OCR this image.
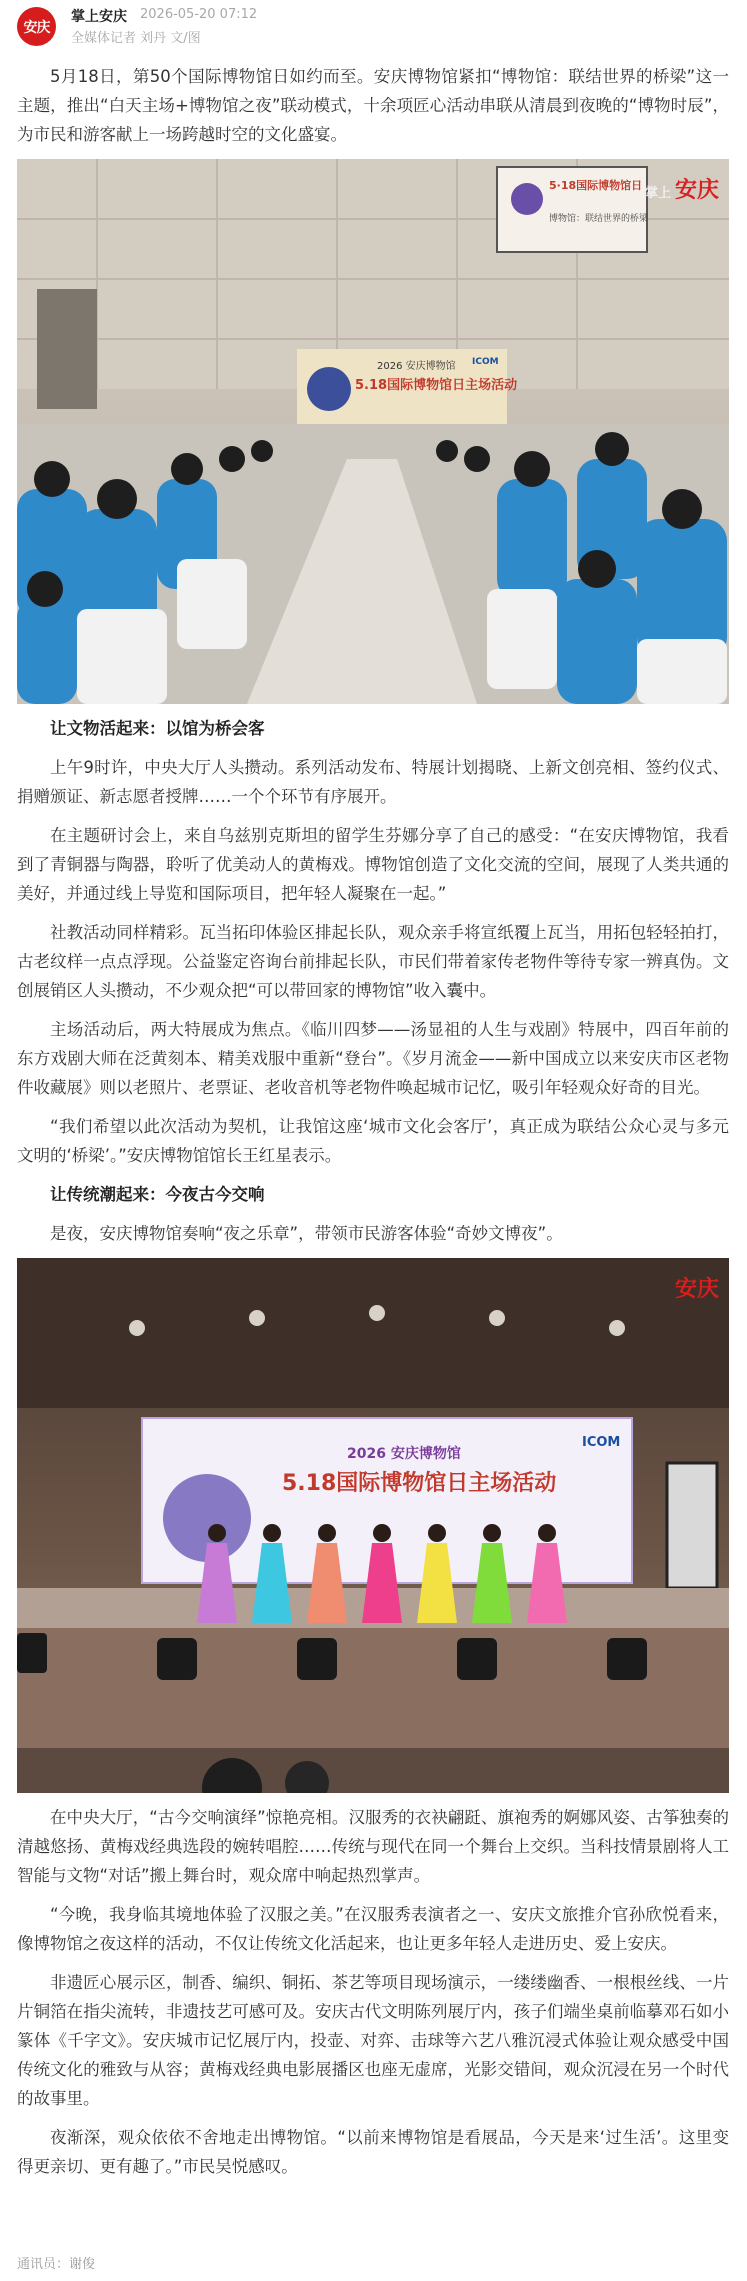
安庆
掌上安庆 2026-05-20 07:12
全媒体记者 刘丹 文/图

5月18日，第50个国际博物馆日如约而至。安庆博物馆紧扣“博物馆：联结世界的桥梁”这一主题，推出“白天主场+博物馆之夜”联动模式，十余项匠心活动串联从清晨到夜晚的“博物时辰”，为市民和游客献上一场跨越时空的文化盛宴。

5·18国际博物馆日
博物馆：联结世界的桥梁
2026 安庆博物馆
5.18国际博物馆日主场活动
ICOM
掌上 安庆

让文物活起来：以馆为桥会客

上午9时许，中央大厅人头攒动。系列活动发布、特展计划揭晓、上新文创亮相、签约仪式、捐赠颁证、新志愿者授牌……一个个环节有序展开。

在主题研讨会上，来自乌兹别克斯坦的留学生芬娜分享了自己的感受：“在安庆博物馆，我看到了青铜器与陶器，聆听了优美动人的黄梅戏。博物馆创造了文化交流的空间，展现了人类共通的美好，并通过线上导览和国际项目，把年轻人凝聚在一起。”

社教活动同样精彩。瓦当拓印体验区排起长队，观众亲手将宣纸覆上瓦当，用拓包轻轻拍打，古老纹样一点点浮现。公益鉴定咨询台前排起长队，市民们带着家传老物件等待专家一辨真伪。文创展销区人头攒动，不少观众把“可以带回家的博物馆”收入囊中。

主场活动后，两大特展成为焦点。《临川四梦——汤显祖的人生与戏剧》特展中，四百年前的东方戏剧大师在泛黄刻本、精美戏服中重新“登台”。《岁月流金——新中国成立以来安庆市区老物件收藏展》则以老照片、老票证、老收音机等老物件唤起城市记忆，吸引年轻观众好奇的目光。

“我们希望以此次活动为契机，让我馆这座‘城市文化会客厅’，真正成为联结公众心灵与多元文明的‘桥梁’。”安庆博物馆馆长王红星表示。

让传统潮起来：今夜古今交响

是夜，安庆博物馆奏响“夜之乐章”，带领市民游客体验“奇妙文博夜”。

2026 安庆博物馆
5.18国际博物馆日主场活动
ICOM
安庆

在中央大厅，“古今交响演绎”惊艳亮相。汉服秀的衣袂翩跹、旗袍秀的婀娜风姿、古筝独奏的清越悠扬、黄梅戏经典选段的婉转唱腔……传统与现代在同一个舞台上交织。当科技情景剧将人工智能与文物“对话”搬上舞台时，观众席中响起热烈掌声。

“今晚，我身临其境地体验了汉服之美。”在汉服秀表演者之一、安庆文旅推介官孙欣悦看来，像博物馆之夜这样的活动，不仅让传统文化活起来，也让更多年轻人走进历史、爱上安庆。

非遗匠心展示区，制香、编织、铜拓、茶艺等项目现场演示，一缕缕幽香、一根根丝线、一片片铜箔在指尖流转，非遗技艺可感可及。安庆古代文明陈列展厅内，孩子们端坐桌前临摹邓石如小篆体《千字文》。安庆城市记忆展厅内，投壶、对弈、击球等六艺八雅沉浸式体验让观众感受中国传统文化的雅致与从容；黄梅戏经典电影展播区也座无虚席，光影交错间，观众沉浸在另一个时代的故事里。

夜渐深，观众依依不舍地走出博物馆。“以前来博物馆是看展品，今天是来‘过生活’。这里变得更亲切、更有趣了。”市民吴悦感叹。

通讯员：谢俊
